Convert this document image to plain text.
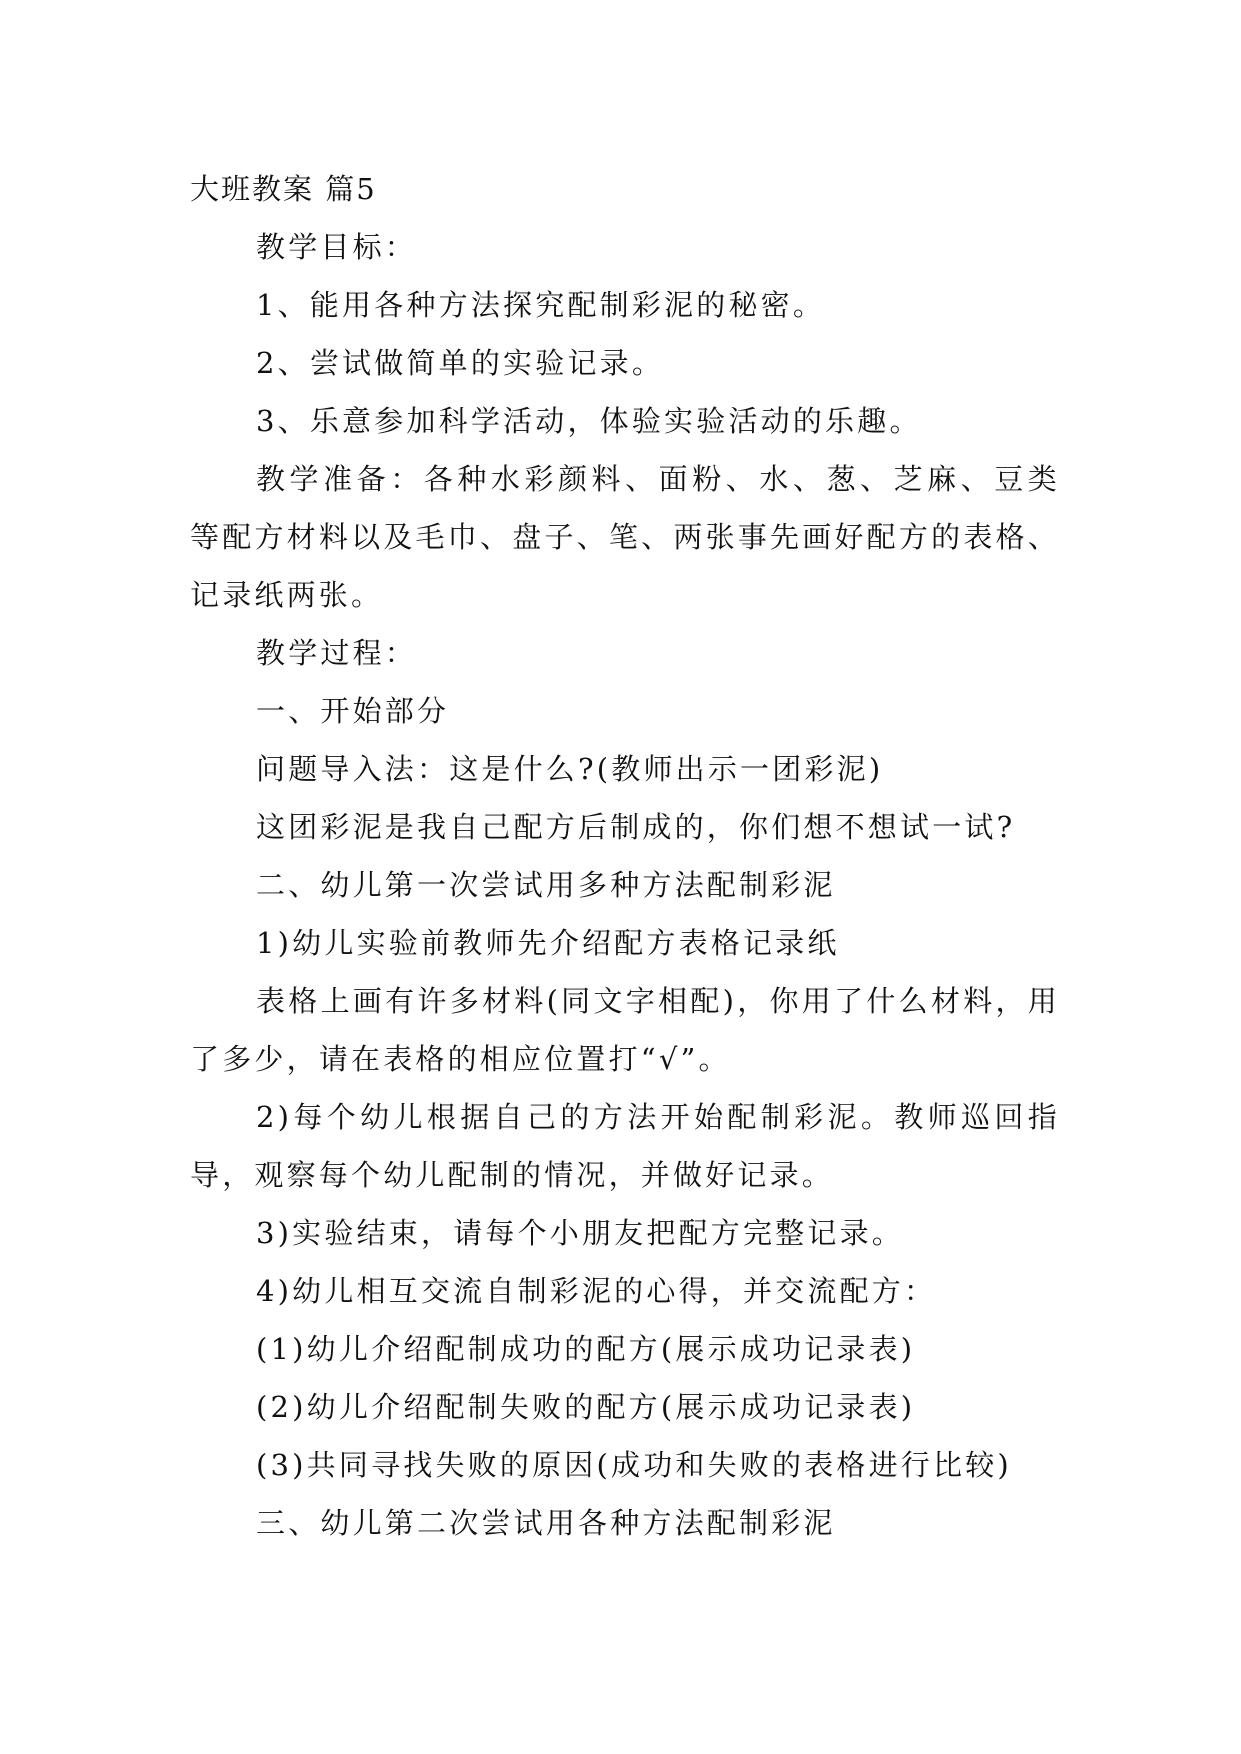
大班教案 篇5

教学目标：

1、能用各种方法探究配制彩泥的秘密。

2、尝试做简单的实验记录。

3、乐意参加科学活动，体验实验活动的乐趣。

教学准备：各种水彩颜料、面粉、水、葱、芝麻、豆类等配方材料以及毛巾、盘子、笔、两张事先画好配方的表格、记录纸两张。

教学过程：

一、开始部分

问题导入法：这是什么?(教师出示一团彩泥)

这团彩泥是我自己配方后制成的，你们想不想试一试?

二、幼儿第一次尝试用多种方法配制彩泥

1)幼儿实验前教师先介绍配方表格记录纸

表格上画有许多材料(同文字相配)，你用了什么材料，用了多少，请在表格的相应位置打“√”。

2)每个幼儿根据自己的方法开始配制彩泥。教师巡回指导，观察每个幼儿配制的情况，并做好记录。

3)实验结束，请每个小朋友把配方完整记录。

4)幼儿相互交流自制彩泥的心得，并交流配方：

(1)幼儿介绍配制成功的配方(展示成功记录表)

(2)幼儿介绍配制失败的配方(展示成功记录表)

(3)共同寻找失败的原因(成功和失败的表格进行比较)

三、幼儿第二次尝试用各种方法配制彩泥
